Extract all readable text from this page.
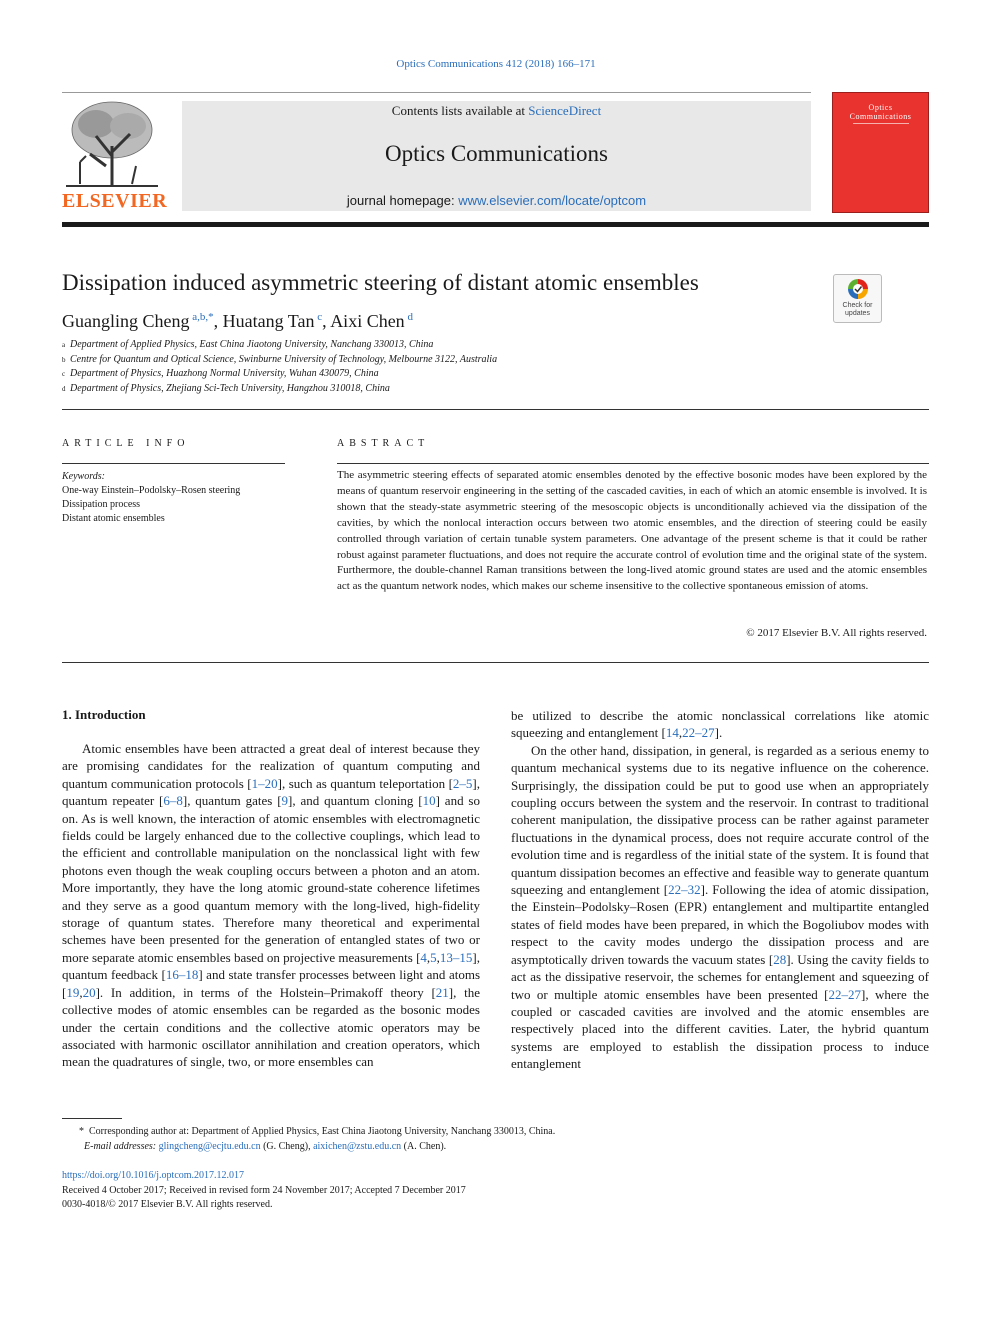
Optics Communications 412 (2018) 166–171
ELSEVIER
Contents lists available at ScienceDirect
Optics Communications
journal homepage: www.elsevier.com/locate/optcom
Optics
Communications
Dissipation induced asymmetric steering of distant atomic ensembles
Check for
updates
Guangling Cheng $^{a,b,*}$, Huatang Tan $^c$, Aixi Chen $^d$
a Department of Applied Physics, East China Jiaotong University, Nanchang 330013, China
b Centre for Quantum and Optical Science, Swinburne University of Technology, Melbourne 3122, Australia
c Department of Physics, Huazhong Normal University, Wuhan 430079, China
d Department of Physics, Zhejiang Sci-Tech University, Hangzhou 310018, China
ARTICLE INFO
Keywords:
One-way Einstein–Podolsky–Rosen steering
Dissipation process
Distant atomic ensembles
ABSTRACT
The asymmetric steering effects of separated atomic ensembles denoted by the effective bosonic modes have been explored by the means of quantum reservoir engineering in the setting of the cascaded cavities, in each of which an atomic ensemble is involved. It is shown that the steady-state asymmetric steering of the mesoscopic objects is unconditionally achieved via the dissipation of the cavities, by which the nonlocal interaction occurs between two atomic ensembles, and the direction of steering could be easily controlled through variation of certain tunable system parameters. One advantage of the present scheme is that it could be rather robust against parameter fluctuations, and does not require the accurate control of evolution time and the original state of the system. Furthermore, the double-channel Raman transitions between the long-lived atomic ground states are used and the atomic ensembles act as the quantum network nodes, which makes our scheme insensitive to the collective spontaneous emission of atoms.
© 2017 Elsevier B.V. All rights reserved.
1. Introduction

Atomic ensembles have been attracted a great deal of interest because they are promising candidates for the realization of quantum computing and quantum communication protocols [1–20], such as quantum teleportation [2–5], quantum repeater [6–8], quantum gates [9], and quantum cloning [10] and so on. As is well known, the interaction of atomic ensembles with electromagnetic fields could be largely enhanced due to the collective couplings, which lead to the efficient and controllable manipulation on the nonclassical light with few photons even though the weak coupling occurs between a photon and an atom. More importantly, they have the long atomic ground-state coherence lifetimes and they serve as a good quantum memory with the long-lived, high-fidelity storage of quantum states. Therefore many theoretical and experimental schemes have been presented for the generation of entangled states of two or more separate atomic ensembles based on projective measurements [4,5,13–15], quantum feedback [16–18] and state transfer processes between light and atoms [19,20]. In addition, in terms of the Holstein–Primakoff theory [21], the collective modes of atomic ensembles can be regarded as the bosonic modes under the certain conditions and the collective atomic operators may be associated with harmonic oscillator annihilation and creation operators, which mean the quadratures of single, two, or more ensembles can

be utilized to describe the atomic nonclassical correlations like atomic squeezing and entanglement [14,22–27].

On the other hand, dissipation, in general, is regarded as a serious enemy to quantum mechanical systems due to its negative influence on the coherence. Surprisingly, the dissipation could be put to good use when an appropriately coupling occurs between the system and the reservoir. In contrast to traditional coherent manipulation, the dissipative process can be rather against parameter fluctuations in the dynamical process, does not require accurate control of the evolution time and is regardless of the initial state of the system. It is found that quantum dissipation becomes an effective and feasible way to generate quantum squeezing and entanglement [22–32]. Following the idea of atomic dissipation, the Einstein–Podolsky–Rosen (EPR) entanglement and multipartite entangled states of field modes have been prepared, in which the Bogoliubov modes with respect to the cavity modes undergo the dissipation process and are asymptotically driven towards the vacuum states [28]. Using the cavity fields to act as the dissipative reservoir, the schemes for entanglement and squeezing of two or multiple atomic ensembles have been presented [22–27], where the coupled or cascaded cavities are involved and the atomic ensembles are respectively placed into the different cavities. Later, the hybrid quantum systems are employed to establish the dissipation process to induce entanglement

* Corresponding author at: Department of Applied Physics, East China Jiaotong University, Nanchang 330013, China.
E-mail addresses: glingcheng@ecjtu.edu.cn (G. Cheng), aixichen@zstu.edu.cn (A. Chen).
https://doi.org/10.1016/j.optcom.2017.12.017
Received 4 October 2017; Received in revised form 24 November 2017; Accepted 7 December 2017
0030-4018/© 2017 Elsevier B.V. All rights reserved.
